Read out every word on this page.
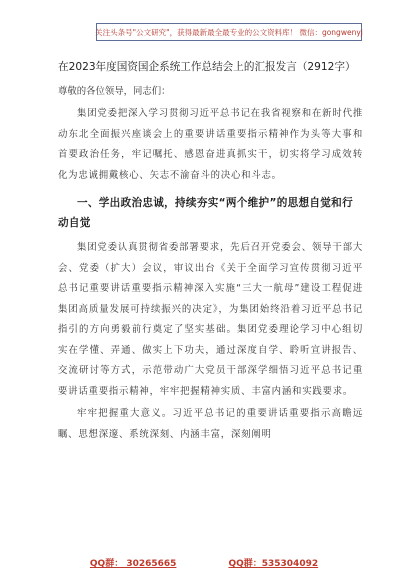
关注头条号"公文研究"，获得最新最全最专业的公文资料库！ 微信：gongwenyj

在2023年度国资国企系统工作总结会上的汇报发言（2912字）

尊敬的各位领导，同志们：

集团党委把深入学习贯彻习近平总书记在我省视察和在新时代推动东北全面振兴座谈会上的重要讲话重要指示精神作为头等大事和首要政治任务，牢记嘱托、感恩奋进真抓实干，切实将学习成效转化为忠诚拥戴核心、矢志不渝奋斗的决心和斗志。

一、学出政治忠诚，持续夯实“两个维护”的思想自觉和行动自觉

集团党委认真贯彻省委部署要求，先后召开党委会、领导干部大会、党委（扩大）会议，审议出台《关于全面学习宣传贯彻习近平总书记重要讲话重要指示精神深入实施“三大一航母”建设工程促进集团高质量发展可持续振兴的决定》，为集团始终沿着习近平总书记指引的方向勇毅前行奠定了坚实基础。集团党委理论学习中心组切实在学懂、弄通、做实上下功夫，通过深度自学、聆听宣讲报告、交流研讨等方式，示范带动广大党员干部深学细悟习近平总书记重要讲话重要指示精神，牢牢把握精神实质、丰富内涵和实践要求。

牢牢把握重大意义。习近平总书记的重要讲话重要指示高瞻远瞩、思想深邃、系统深刻、内涵丰富，深刻阐明

QQ群： 30265665	QQ群：535304092
